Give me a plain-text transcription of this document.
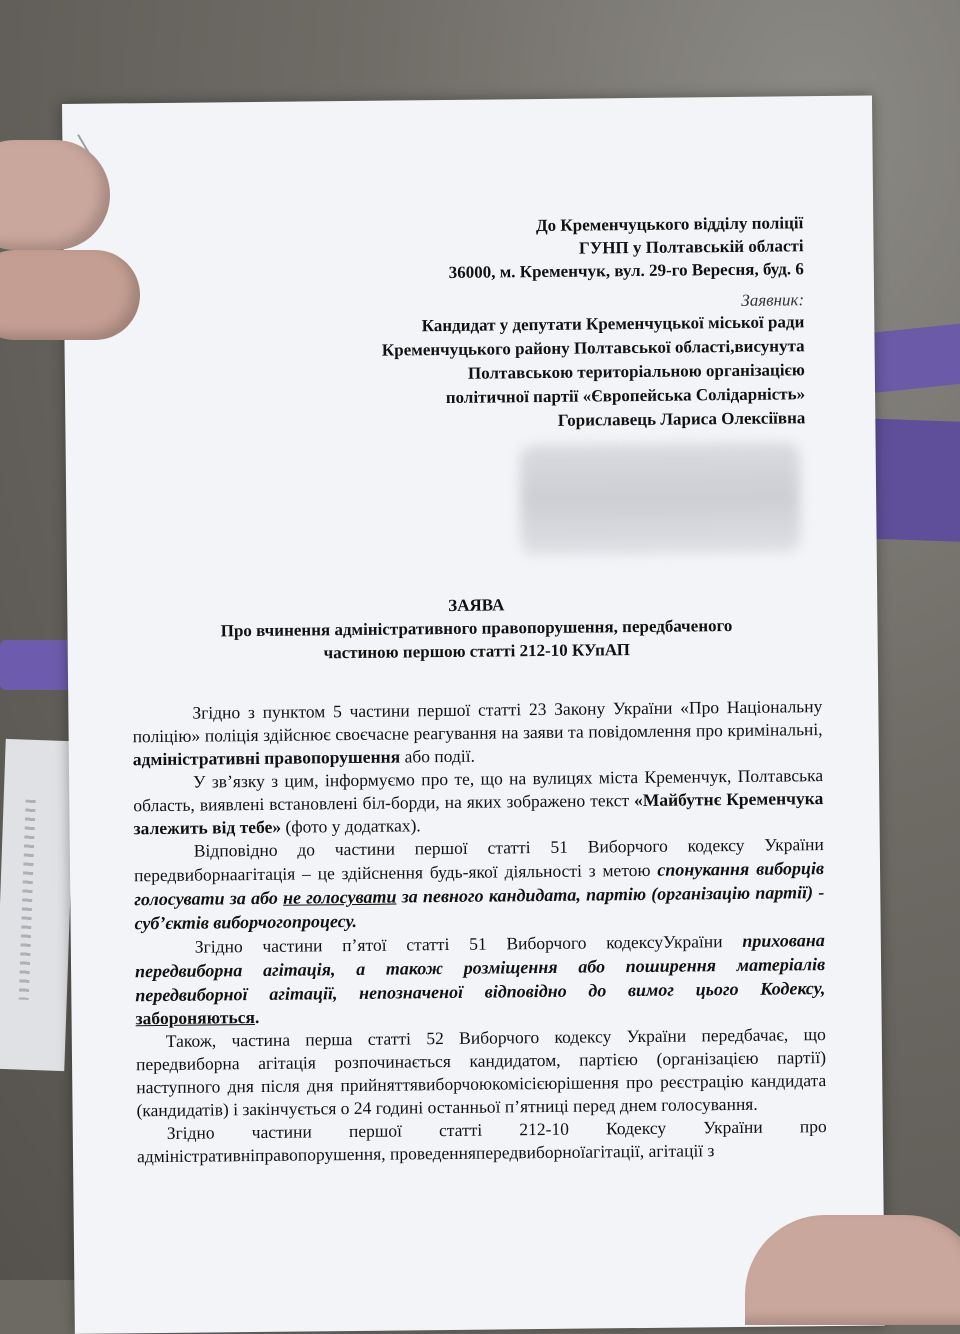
До Кременчуцького відділу поліції
ГУНП у Полтавській області
36000, м. Кременчук, вул. 29-го Вересня, буд. 6
Заявник:
Кандидат у депутати Кременчуцької міської ради
Кременчуцького району Полтавської області,висунута
Полтавською територіальною організацією
політичної партії «Європейська Солідарність»
Гориславець Лариса Олексіївна
ЗАЯВА
Про вчинення адміністративного правопорушення, передбаченого
частиною першою статті 212-10 КУпАП

Згідно з пунктом 5 частини першої статті 23 Закону України «Про Національну поліцію» поліція здійснює своєчасне реагування на заяви та повідомлення про кримінальні, адміністративні правопорушення або події.

У зв’язку з цим, інформуємо про те, що на вулицях міста Кременчук, Полтавська область, виявлені встановлені біл-борди, на яких зображено текст «Майбутнє Кременчука залежить від тебе» (фото у додатках).

Відповідно до частини першої статті 51 Виборчого кодексу України передвиборнаагітація – це здійснення будь-якої діяльності з метою спонукання виборців голосувати за або не голосувати за певного кандидата, партію (організацію партії) - суб’єктів виборчогопроцесу.

Згідно частини п’ятої статті 51 Виборчого кодексуУкраїни прихована передвиборна агітація, а також розміщення або поширення матеріалів передвиборної агітації, непозначеної відповідно до вимог цього Кодексу, забороняються.

Також, частина перша статті 52 Виборчого кодексу України передбачає, що передвиборна агітація розпочинається кандидатом, партією (організацією партії) наступного дня після дня прийняттявиборчоюкомісієюрішення про реєстрацію кандидата (кандидатів) і закінчується о 24 годині останньої п’ятниці перед днем голосування.

Згідно частини першої статті 212-10 Кодексу України про адміністративніправопорушення, проведенняпередвиборноїагітації, агітації з
